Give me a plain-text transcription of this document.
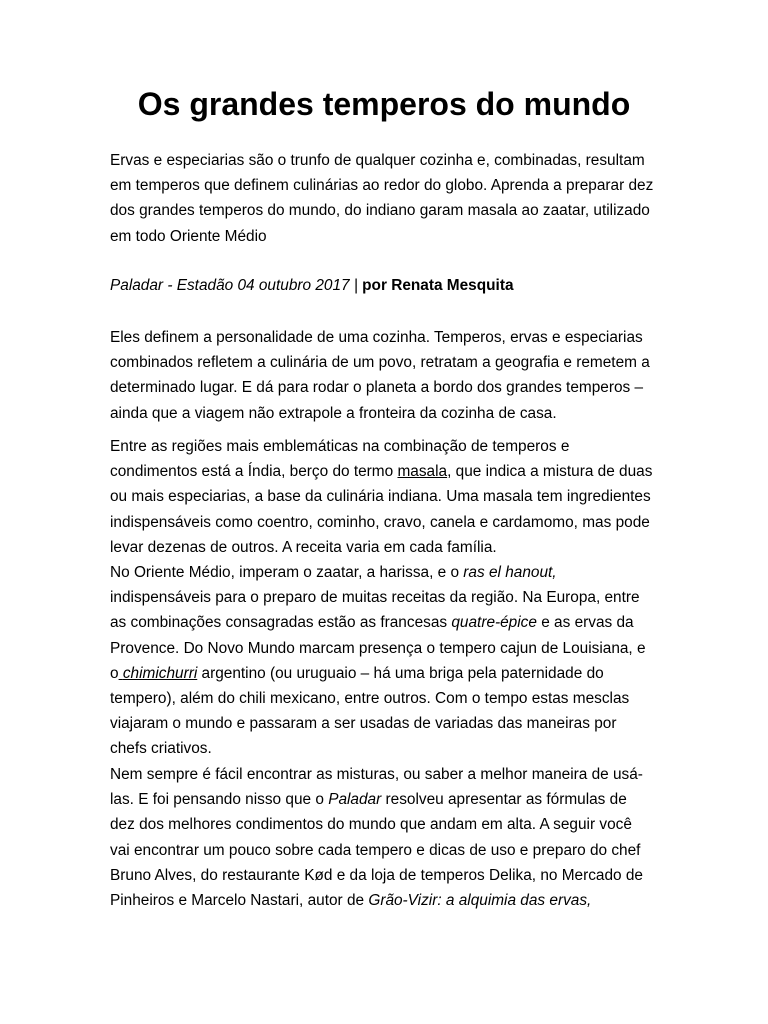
Os grandes temperos do mundo
Ervas e especiarias são o trunfo de qualquer cozinha e, combinadas, resultam
em temperos que definem culinárias ao redor do globo. Aprenda a preparar dez
dos grandes temperos do mundo, do indiano garam masala ao zaatar, utilizado
em todo Oriente Médio
Paladar - Estadão 04 outubro 2017 | por Renata Mesquita
Eles definem a personalidade de uma cozinha. Temperos, ervas e especiarias
combinados refletem a culinária de um povo, retratam a geografia e remetem a
determinado lugar. E dá para rodar o planeta a bordo dos grandes temperos –
ainda que a viagem não extrapole a fronteira da cozinha de casa.
Entre as regiões mais emblemáticas na combinação de temperos e
condimentos está a Índia, berço do termo masala, que indica a mistura de duas
ou mais especiarias, a base da culinária indiana. Uma masala tem ingredientes
indispensáveis como coentro, cominho, cravo, canela e cardamomo, mas pode
levar dezenas de outros. A receita varia em cada família.
No Oriente Médio, imperam o zaatar, a harissa, e o ras el hanout,
indispensáveis para o preparo de muitas receitas da região. Na Europa, entre
as combinações consagradas estão as francesas quatre-épice e as ervas da
Provence. Do Novo Mundo marcam presença o tempero cajun de Louisiana, e
o chimichurri argentino (ou uruguaio – há uma briga pela paternidade do
tempero), além do chili mexicano, entre outros. Com o tempo estas mesclas
viajaram o mundo e passaram a ser usadas de variadas das maneiras por
chefs criativos.
Nem sempre é fácil encontrar as misturas, ou saber a melhor maneira de usá-
las. E foi pensando nisso que o Paladar resolveu apresentar as fórmulas de
dez dos melhores condimentos do mundo que andam em alta. A seguir você
vai encontrar um pouco sobre cada tempero e dicas de uso e preparo do chef
Bruno Alves, do restaurante Kød e da loja de temperos Delika, no Mercado de
Pinheiros e Marcelo Nastari, autor de Grão-Vizir: a alquimia das ervas,
